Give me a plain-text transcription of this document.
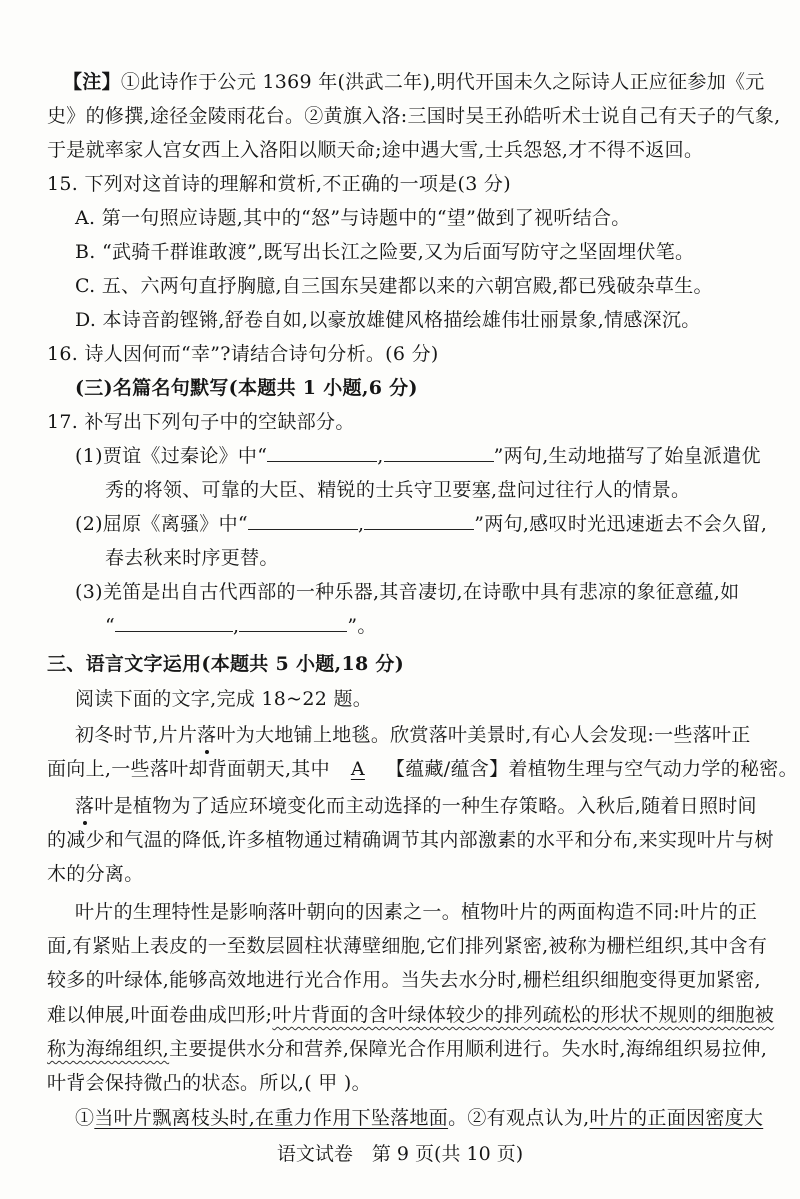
【注】①此诗作于公元 1369 年(洪武二年),明代开国未久之际诗人正应征参加《元
史》的修撰,途径金陵雨花台。②黄旗入洛:三国时吴王孙皓听术士说自己有天子的气象,
于是就率家人宫女西上入洛阳以顺天命;途中遇大雪,士兵怨怒,才不得不返回。
15. 下列对这首诗的理解和赏析,不正确的一项是(3 分)
A. 第一句照应诗题,其中的“怒”与诗题中的“望”做到了视听结合。
B. “武骑千群谁敢渡”,既写出长江之险要,又为后面写防守之坚固埋伏笔。
C. 五、六两句直抒胸臆,自三国东吴建都以来的六朝宫殿,都已残破杂草生。
D. 本诗音韵铿锵,舒卷自如,以豪放雄健风格描绘雄伟壮丽景象,情感深沉。
16. 诗人因何而“幸”?请结合诗句分析。(6 分)
(三)名篇名句默写(本题共 1 小题,6 分)
17. 补写出下列句子中的空缺部分。
(1)贾谊《过秦论》中“	,	”两句,生动地描写了始皇派遣优
秀的将领、可靠的大臣、精锐的士兵守卫要塞,盘问过往行人的情景。
(2)屈原《离骚》中“	,	”两句,感叹时光迅速逝去不会久留,
春去秋来时序更替。
(3)羌笛是出自古代西部的一种乐器,其音凄切,在诗歌中具有悲凉的象征意蕴,如
“	,	”。
三、语言文字运用(本题共 5 小题,18 分)
阅读下面的文字,完成 18~22 题。
初冬时节,片片落叶为大地铺上地毯。欣赏落叶美景时,有心人会发现:一些落叶正
面向上,一些落叶却背面朝天,其中 A 【蕴藏/蕴含】着植物生理与空气动力学的秘密。
落叶是植物为了适应环境变化而主动选择的一种生存策略。入秋后,随着日照时间
的减少和气温的降低,许多植物通过精确调节其内部激素的水平和分布,来实现叶片与树
木的分离。
叶片的生理特性是影响落叶朝向的因素之一。植物叶片的两面构造不同:叶片的正
面,有紧贴上表皮的一至数层圆柱状薄壁细胞,它们排列紧密,被称为栅栏组织,其中含有
较多的叶绿体,能够高效地进行光合作用。当失去水分时,栅栏组织细胞变得更加紧密,
难以伸展,叶面卷曲成凹形;叶片背面的含叶绿体较少的排列疏松的形状不规则的细胞被
称为海绵组织,主要提供水分和营养,保障光合作用顺利进行。失水时,海绵组织易拉伸,
叶背会保持微凸的状态。所以,( 甲 )。
①当叶片飘离枝头时,在重力作用下坠落地面。②有观点认为,叶片的正面因密度大
语文试卷　第 9 页(共 10 页)
